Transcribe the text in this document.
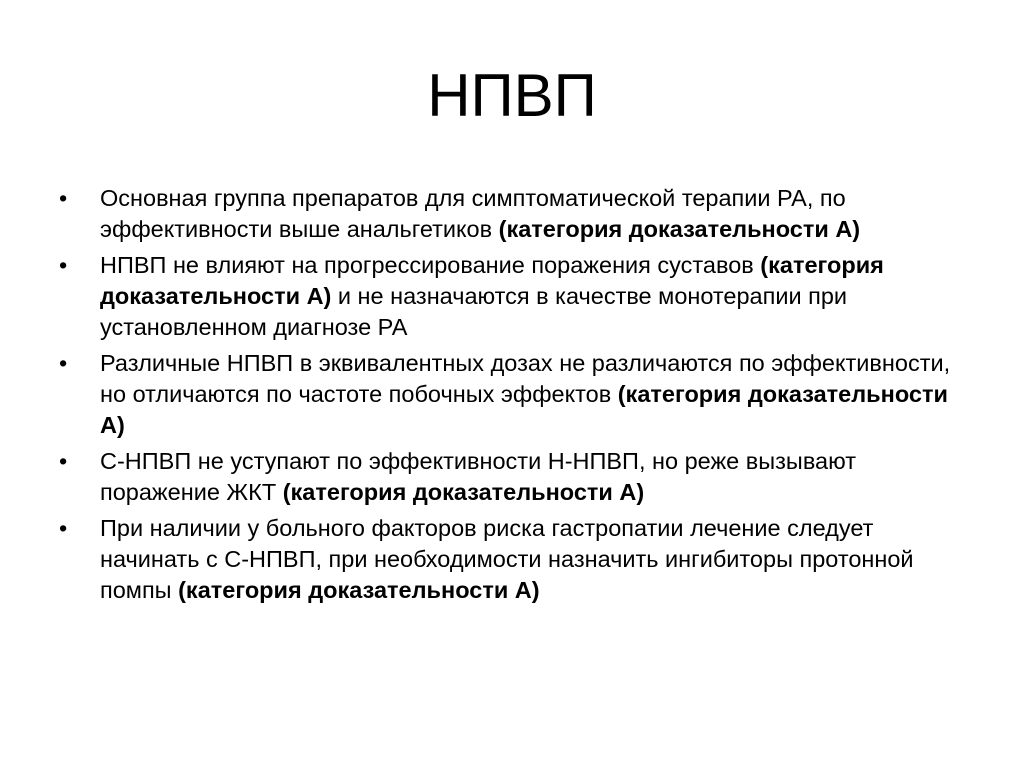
НПВП
• Основная группа препаратов для симптоматической терапии РА, по эффективности выше анальгетиков (категория доказательности А)
• НПВП не влияют на прогрессирование поражения суставов (категория доказательности А) и не назначаются в качестве монотерапии при установленном диагнозе РА
• Различные НПВП в эквивалентных дозах не различаются по эффективности, но отличаются по частоте побочных эффектов (категория доказательности А)
• С-НПВП не уступают по эффективности Н-НПВП, но реже вызывают поражение ЖКТ (категория доказательности А)
• При наличии у больного факторов риска гастропатии лечение следует начинать с С-НПВП, при необходимости назначить ингибиторы протонной помпы (категория доказательности А)
